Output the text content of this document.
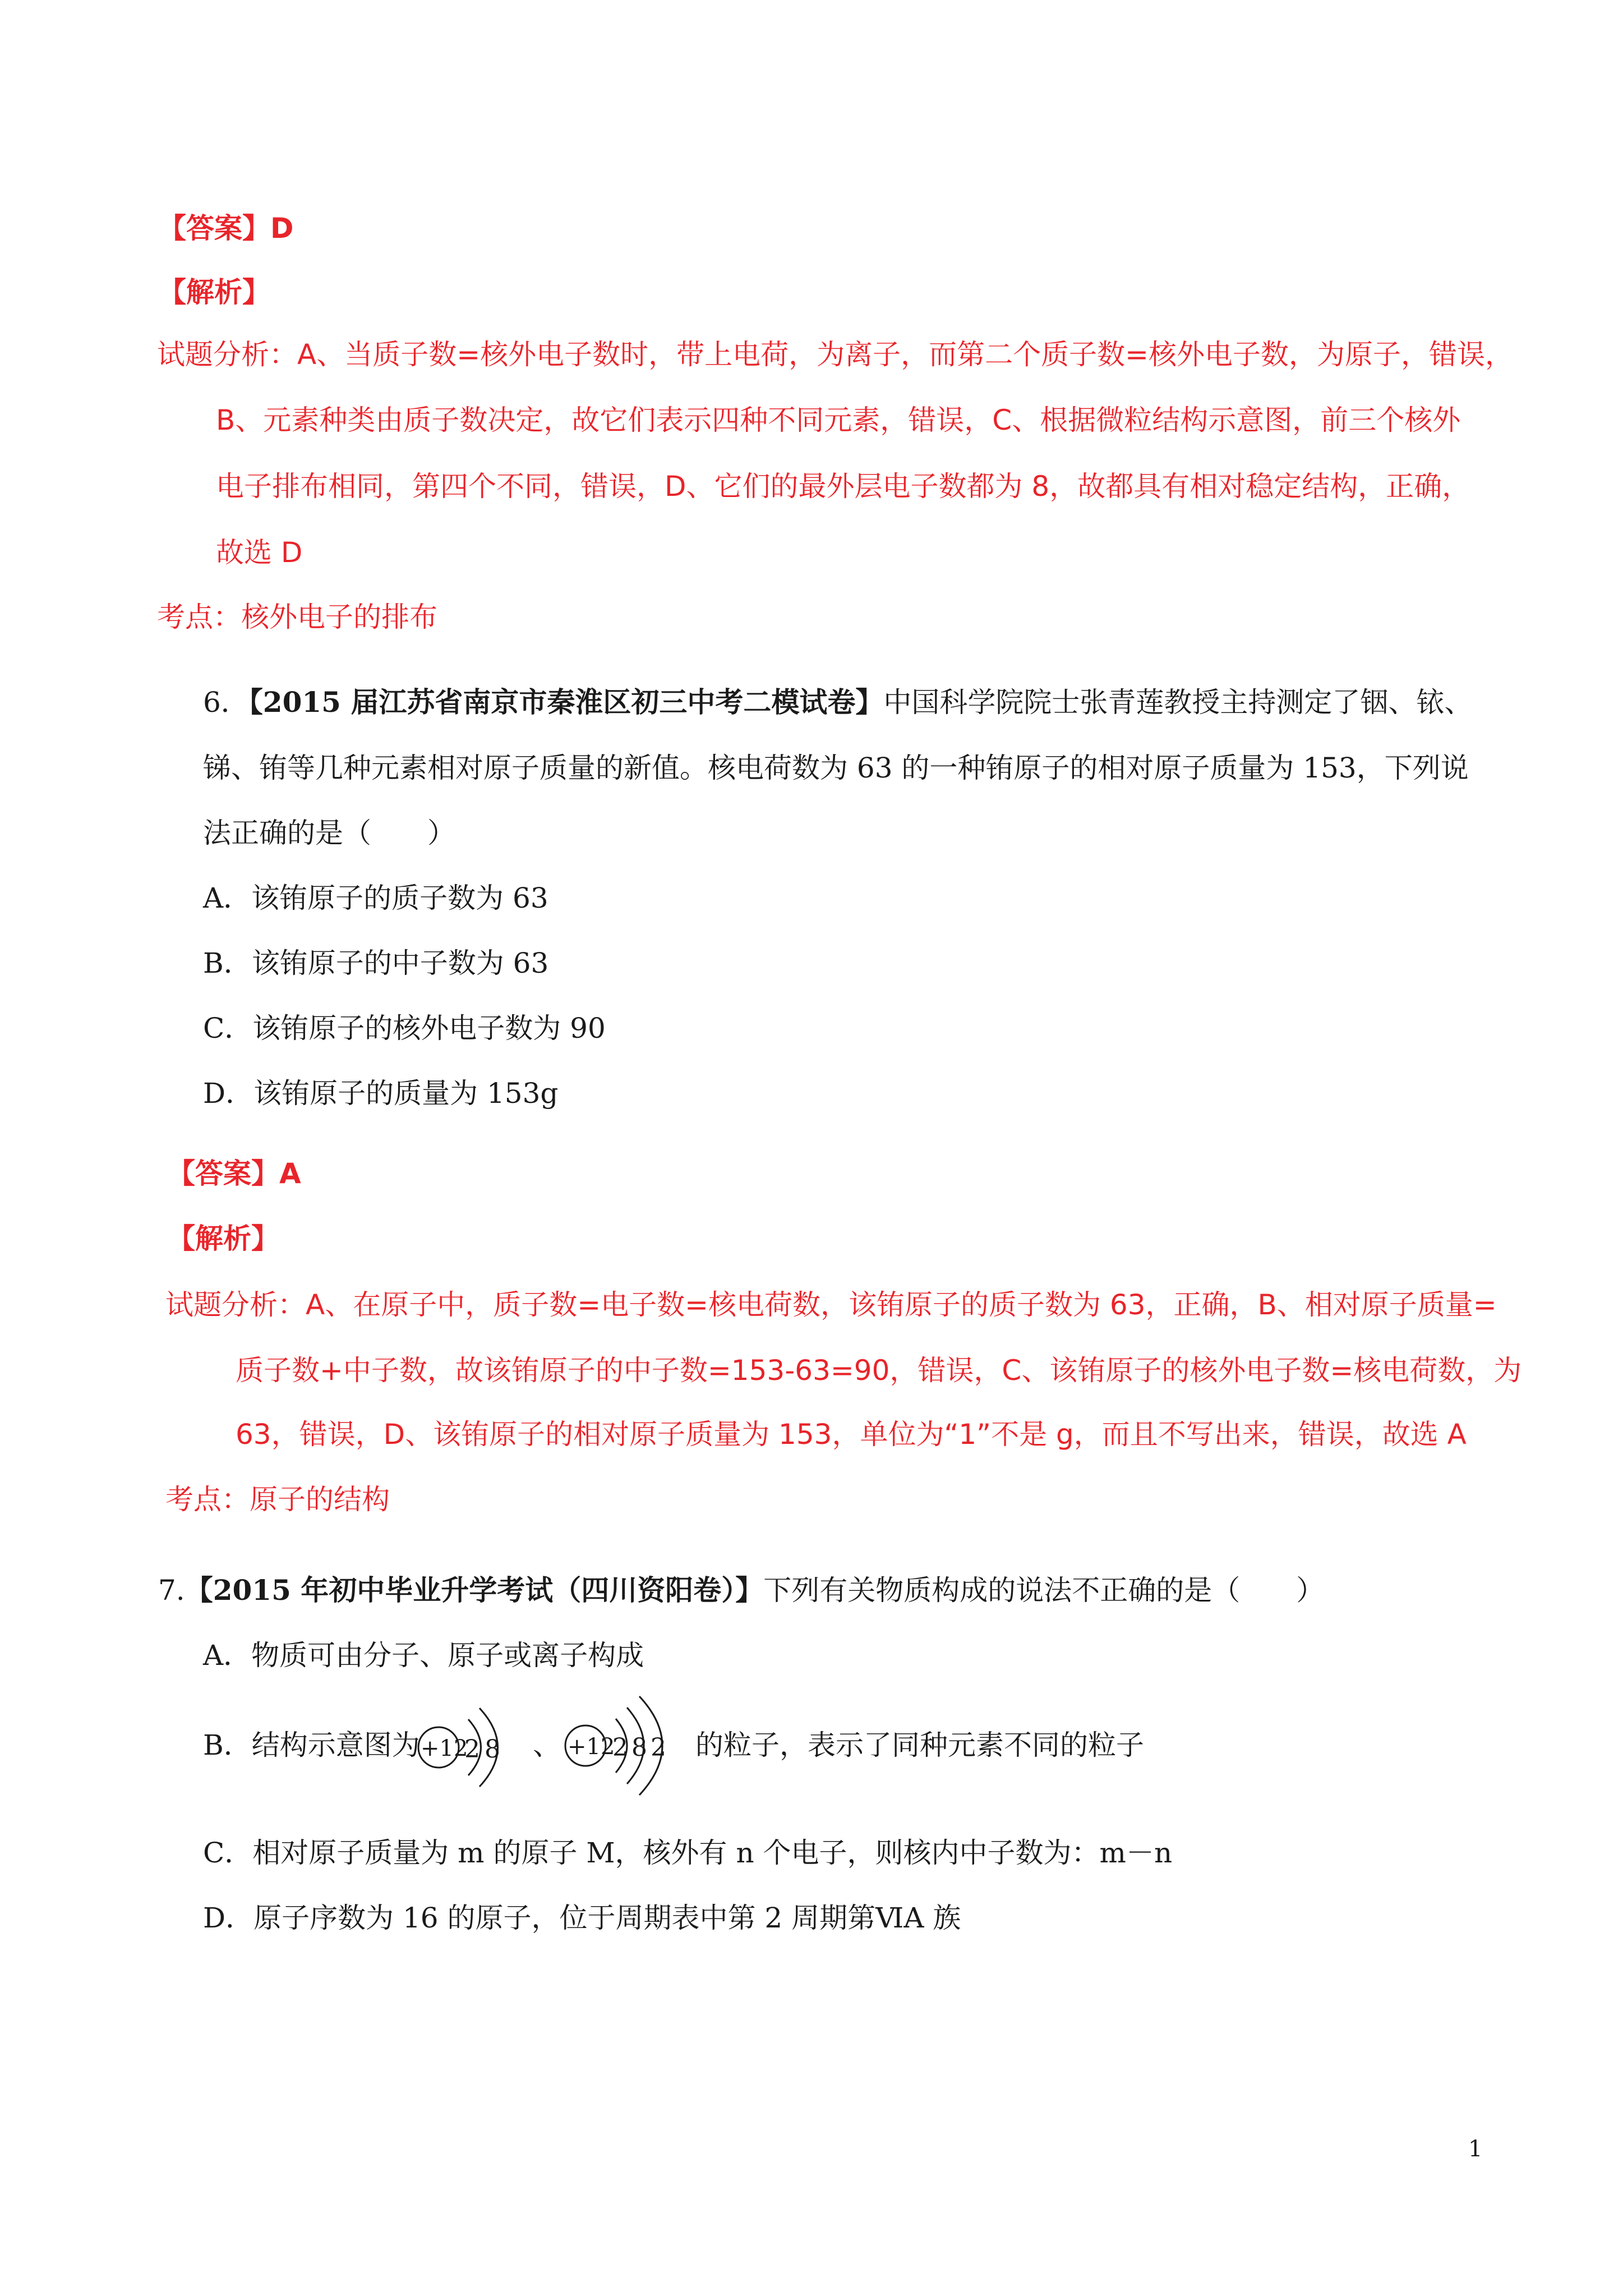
【答案】D
【解析】
试题分析：A、当质子数=核外电子数时，带上电荷，为离子，而第二个质子数=核外电子数，为原子，错误，
B、元素种类由质子数决定，故它们表示四种不同元素，错误，C、根据微粒结构示意图，前三个核外
电子排布相同，第四个不同，错误，D、它们的最外层电子数都为 8，故都具有相对稳定结构，正确，
故选 D
考点：核外电子的排布
6．【2015 届江苏省南京市秦淮区初三中考二模试卷】中国科学院院士张青莲教授主持测定了铟、铱、
锑、铕等几种元素相对原子质量的新值。核电荷数为 63 的一种铕原子的相对原子质量为 153，下列说
法正确的是（　　）
A．该铕原子的质子数为 63
B．该铕原子的中子数为 63
C．该铕原子的核外电子数为 90
D．该铕原子的质量为 153g
【答案】A
【解析】
试题分析：A、在原子中，质子数=电子数=核电荷数，该铕原子的质子数为 63，正确，B、相对原子质量=
质子数+中子数，故该铕原子的中子数=153-63=90，错误，C、该铕原子的核外电子数=核电荷数，为
63，错误，D、该铕原子的相对原子质量为 153，单位为“1”不是 g，而且不写出来，错误，故选 A
考点：原子的结构
7.【2015 年初中毕业升学考试（四川资阳卷）】下列有关物质构成的说法不正确的是（　　）
A．物质可由分子、原子或离子构成
B．结构示意图为 +12
28 、 +12
282 的粒子，表示了同种元素不同的粒子
C．相对原子质量为 m 的原子 M，核外有 n 个电子，则核内中子数为：m－n
D．原子序数为 16 的原子，位于周期表中第 2 周期第ⅥA 族
1
